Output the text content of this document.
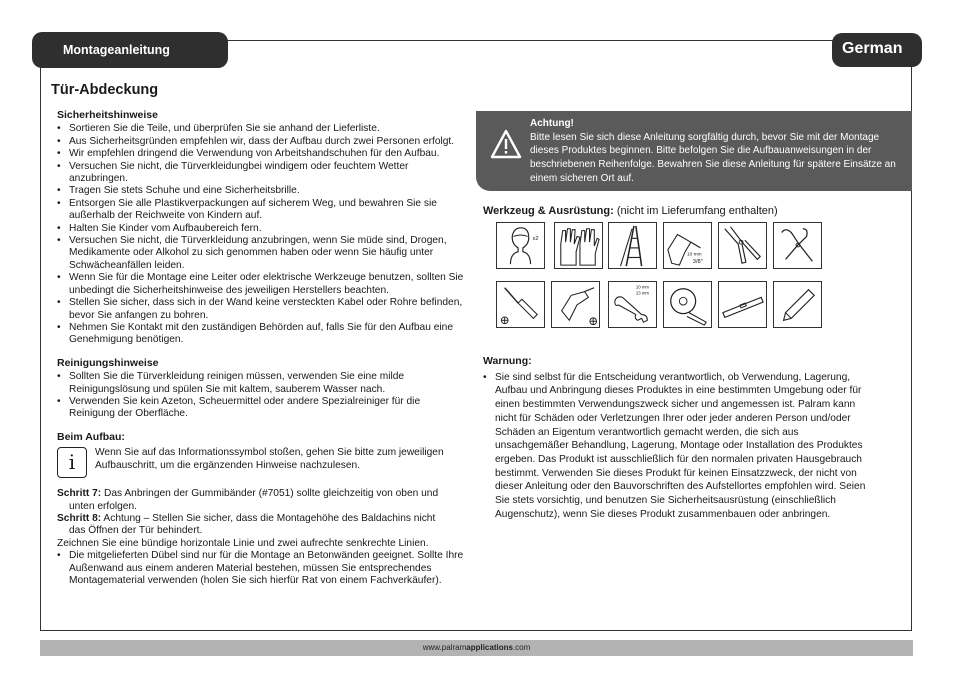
Montageanleitung	German
Tür-Abdeckung
Sicherheitshinweise
• Sortieren Sie die Teile, und überprüfen Sie sie anhand der Lieferliste.
• Aus Sicherheitsgründen empfehlen wir, dass der Aufbau durch zwei Personen erfolgt.
• Wir empfehlen dringend die Verwendung von Arbeitshandschuhen für den Aufbau.
• Versuchen Sie nicht, die Türverkleidungbei windigem oder feuchtem Wetter anzubringen.
• Tragen Sie stets Schuhe und eine Sicherheitsbrille.
• Entsorgen Sie alle Plastikverpackungen auf sicherem Weg, und bewahren Sie sie außerhalb der Reichweite von Kindern auf.
• Halten Sie Kinder vom Aufbaubereich fern.
• Versuchen Sie nicht, die Türverkleidung anzubringen, wenn Sie müde sind, Drogen, Medikamente oder Alkohol zu sich genommen haben oder wenn Sie häufig unter Schwächeanfällen leiden.
• Wenn Sie für die Montage eine Leiter oder elektrische Werkzeuge benutzen, sollten Sie unbedingt die Sicherheitshinweise des jeweiligen Herstellers beachten.
• Stellen Sie sicher, dass sich in der Wand keine versteckten Kabel oder Rohre befinden, bevor Sie anfangen zu bohren.
• Nehmen Sie Kontakt mit den zuständigen Behörden auf, falls Sie für den Aufbau eine Genehmigung benötigen.
Reinigungshinweise
• Sollten Sie die Türverkleidung reinigen müssen, verwenden Sie eine milde Reinigungslösung und spülen Sie mit kaltem, sauberem Wasser nach.
• Verwenden Sie kein Azeton, Scheuermittel oder andere Spezialreiniger für die Reinigung der Oberfläche.
Beim Aufbau:
i	Wenn Sie auf das Informationssymbol stoßen, gehen Sie bitte zum jeweiligen Aufbauschritt, um die ergänzenden Hinweise nachzulesen.
Schritt 7: Das Anbringen der Gummibänder (#7051) sollte gleichzeitig von oben und
unten erfolgen.
Schritt 8: Achtung – Stellen Sie sicher, dass die Montagehöhe des Baldachins nicht
das Öffnen der Tür behindert.
Zeichnen Sie eine bündige horizontale Linie und zwei aufrechte senkrechte Linien.
• Die mitgelieferten Dübel sind nur für die Montage an Betonwänden geeignet. Sollte Ihre Außenwand aus einem anderen Material bestehen, müssen Sie entsprechendes Montagematerial verwenden (holen Sie sich hierfür Rat von einem Fachverkäufer).
Achtung!
Bitte lesen Sie sich diese Anleitung sorgfältig durch, bevor Sie mit der Montage dieses Produktes beginnen. Bitte befolgen Sie die Aufbauanweisungen in der beschriebenen Reihenfolge. Bewahren Sie diese Anleitung für spätere Einsätze an einem sicheren Ort auf.
Werkzeug & Ausrüstung: (nicht im Lieferumfang enthalten)
x2
10 mm
3/8"
10 mm
13 mm
Warnung:
• Sie sind selbst für die Entscheidung verantwortlich, ob Verwendung, Lagerung, Aufbau und Anbringung dieses Produktes in eine bestimmten Umgebung oder für einen bestimmten Verwendungszweck sicher und angemessen ist. Palram kann nicht für Schäden oder Verletzungen Ihrer oder jeder anderen Person und/oder Schäden an Eigentum verantwortlich gemacht werden, die sich aus unsachgemäßer Behandlung, Lagerung, Montage oder Installation des Produktes ergeben. Das Produkt ist ausschließlich für den normalen privaten Hausgebrauch bestimmt. Verwenden Sie dieses Produkt für keinen Einsatzzweck, der nicht von dieser Anleitung oder den Bauvorschriften des Aufstellortes empfohlen wird. Seien Sie stets vorsichtig, und benutzen Sie Sicherheitsausrüstung (einschließlich Augenschutz), wenn Sie dieses Produkt zusammenbauen oder anbringen.
www.palramapplications.com
